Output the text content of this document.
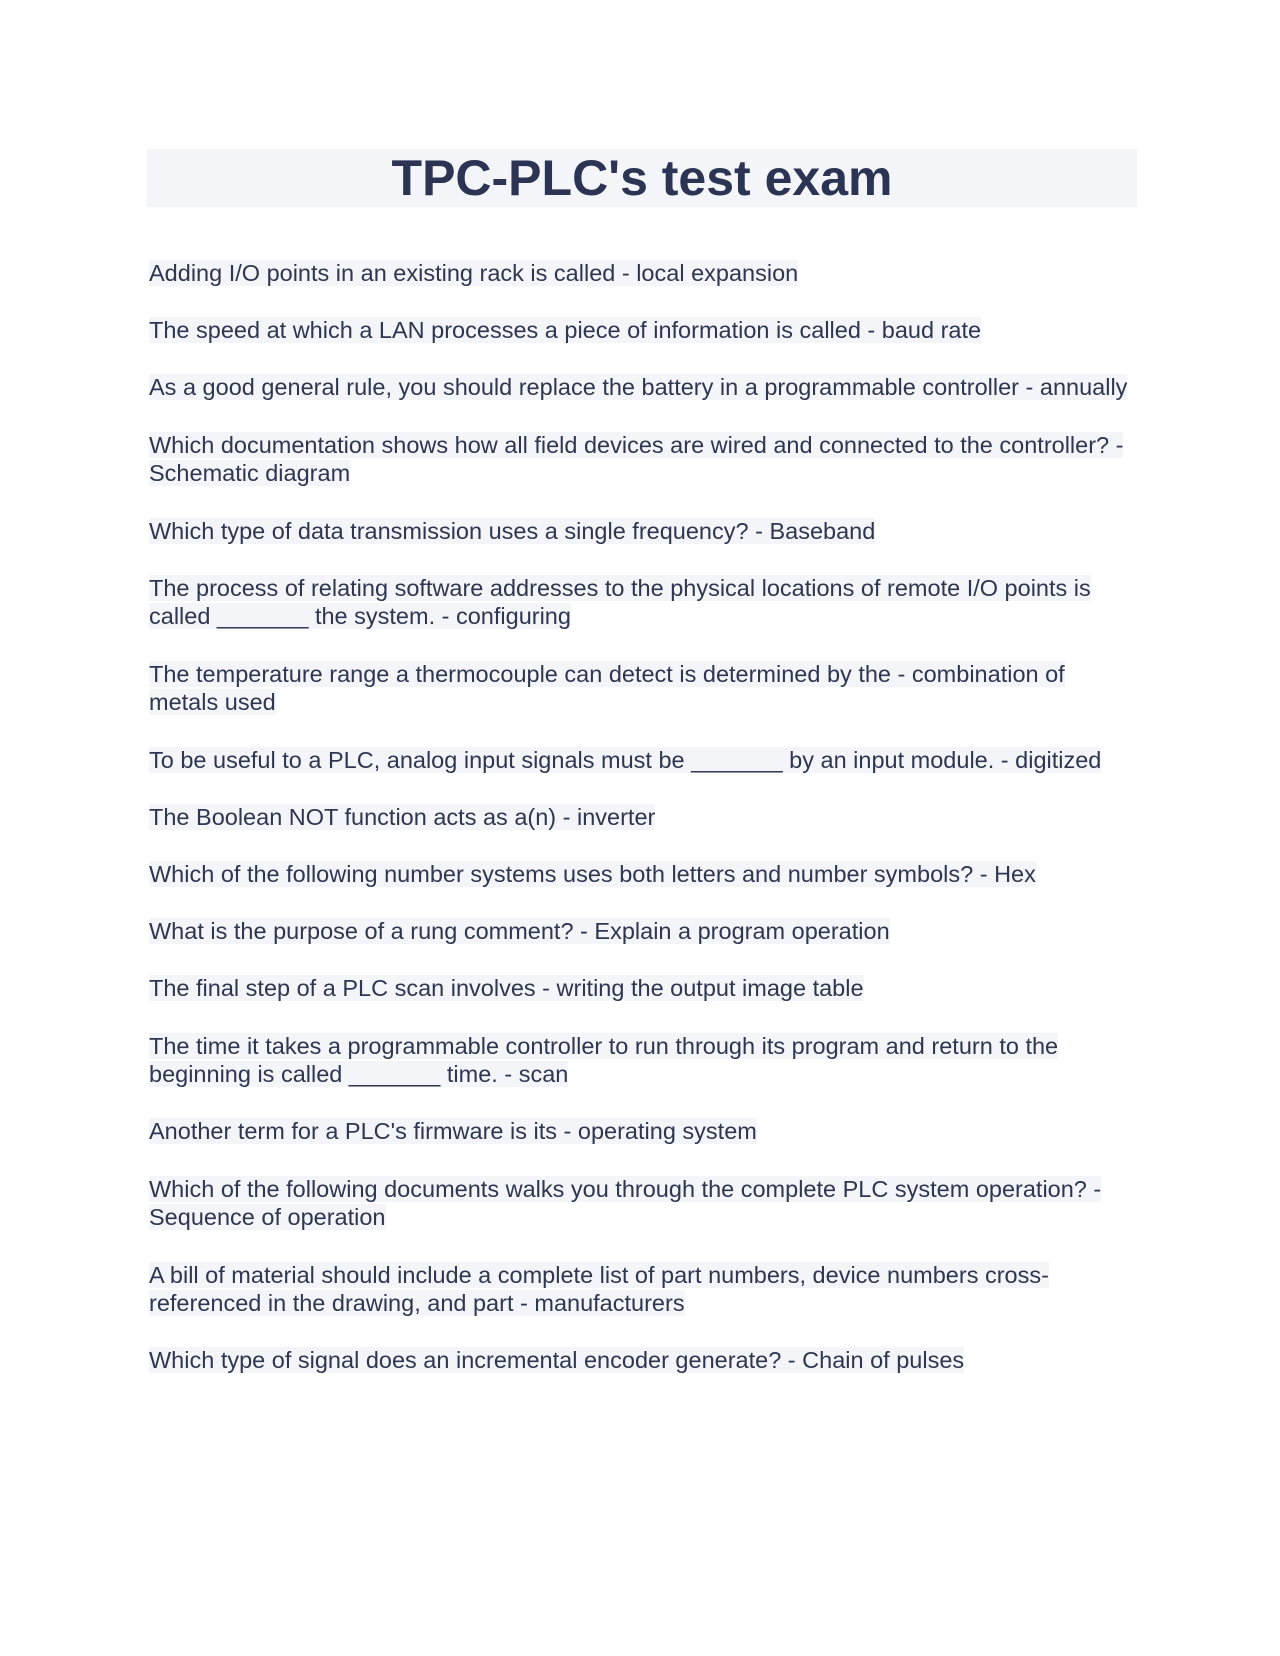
TPC-PLC's test exam

Adding I/O points in an existing rack is called - local expansion

The speed at which a LAN processes a piece of information is called - baud rate

As a good general rule, you should replace the battery in a programmable controller - annually

Which documentation shows how all field devices are wired and connected to the controller? - Schematic diagram

Which type of data transmission uses a single frequency? - Baseband

The process of relating software addresses to the physical locations of remote I/O points is called _______ the system. - configuring

The temperature range a thermocouple can detect is determined by the - combination of metals used

To be useful to a PLC, analog input signals must be _______ by an input module. - digitized

The Boolean NOT function acts as a(n) - inverter

Which of the following number systems uses both letters and number symbols? - Hex

What is the purpose of a rung comment? - Explain a program operation

The final step of a PLC scan involves - writing the output image table

The time it takes a programmable controller to run through its program and return to the beginning is called _______ time. - scan

Another term for a PLC's firmware is its - operating system

Which of the following documents walks you through the complete PLC system operation? - Sequence of operation

A bill of material should include a complete list of part numbers, device numbers cross-referenced in the drawing, and part - manufacturers

Which type of signal does an incremental encoder generate? - Chain of pulses
